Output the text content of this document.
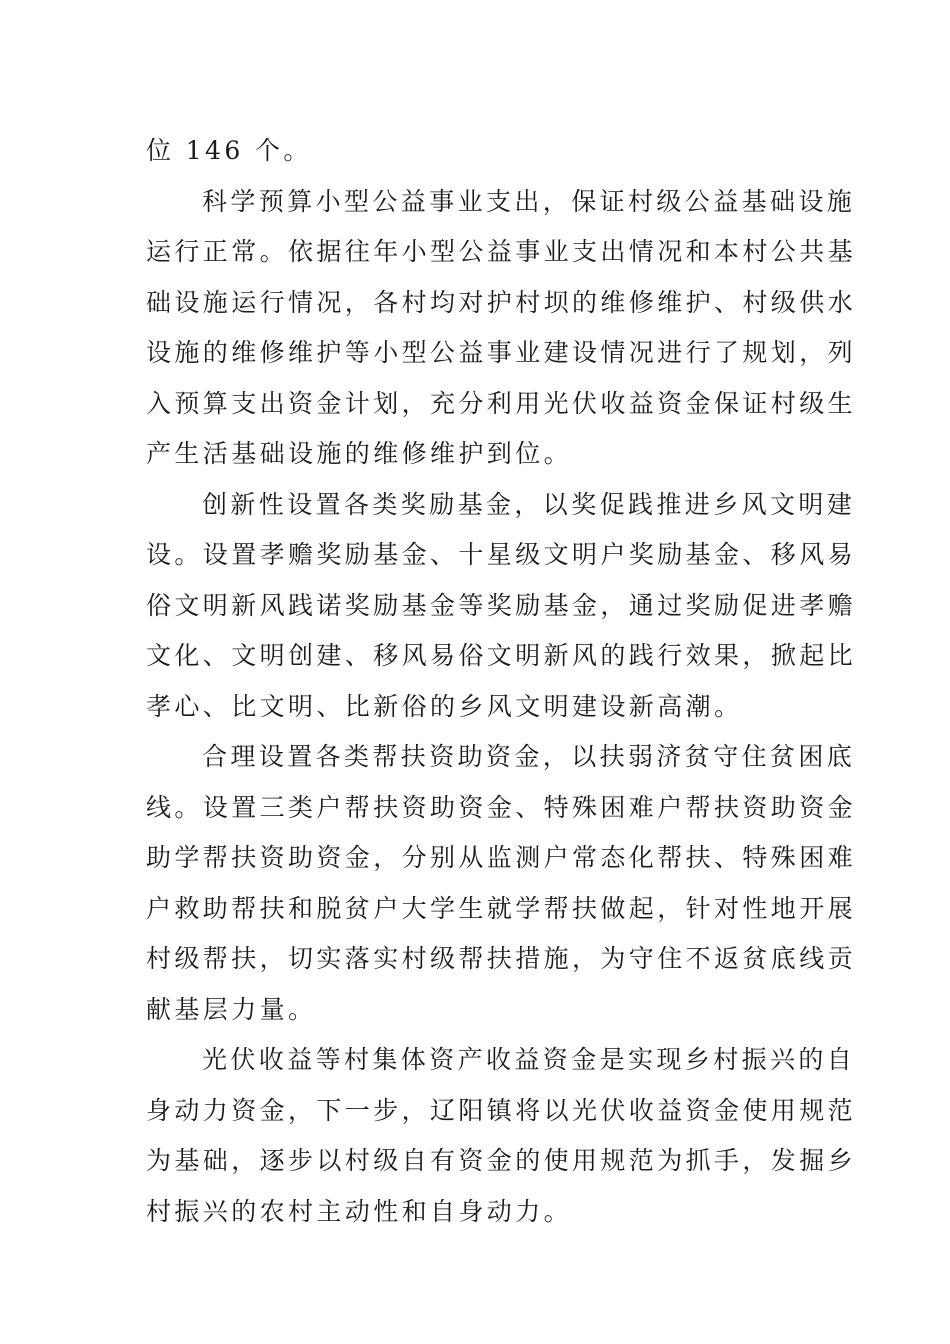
位 146 个。
科学预算小型公益事业支出，保证村级公益基础设施
运行正常。依据往年小型公益事业支出情况和本村公共基
础设施运行情况，各村均对护村坝的维修维护、村级供水
设施的维修维护等小型公益事业建设情况进行了规划，列
入预算支出资金计划，充分利用光伏收益资金保证村级生
产生活基础设施的维修维护到位。
创新性设置各类奖励基金，以奖促践推进乡风文明建
设。设置孝赡奖励基金、十星级文明户奖励基金、移风易
俗文明新风践诺奖励基金等奖励基金，通过奖励促进孝赡
文化、文明创建、移风易俗文明新风的践行效果，掀起比
孝心、比文明、比新俗的乡风文明建设新高潮。
合理设置各类帮扶资助资金，以扶弱济贫守住贫困底
线。设置三类户帮扶资助资金、特殊困难户帮扶资助资金
助学帮扶资助资金，分别从监测户常态化帮扶、特殊困难
户救助帮扶和脱贫户大学生就学帮扶做起，针对性地开展
村级帮扶，切实落实村级帮扶措施，为守住不返贫底线贡
献基层力量。
光伏收益等村集体资产收益资金是实现乡村振兴的自
身动力资金，下一步，辽阳镇将以光伏收益资金使用规范
为基础，逐步以村级自有资金的使用规范为抓手，发掘乡
村振兴的农村主动性和自身动力。
